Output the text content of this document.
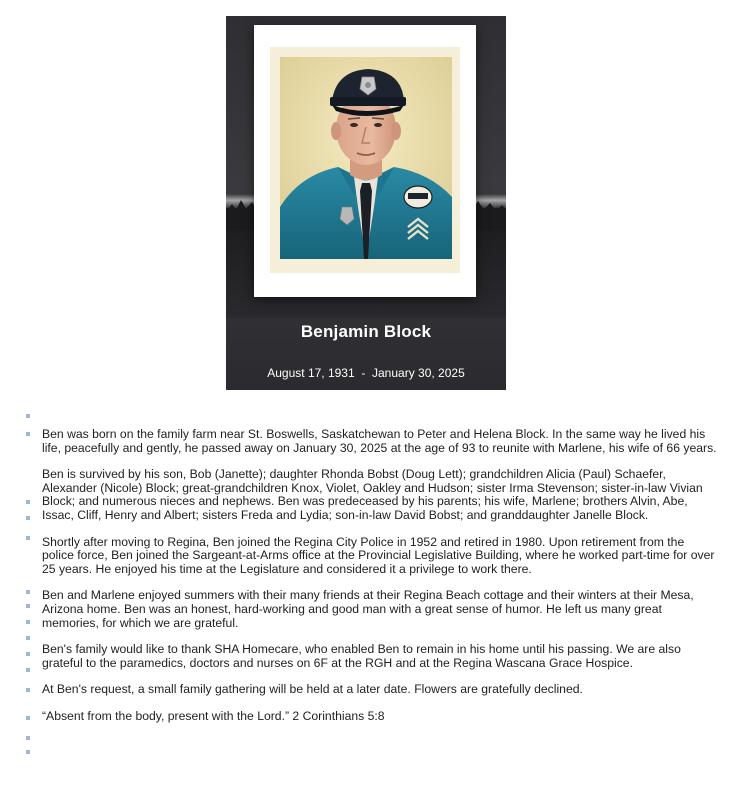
Benjamin Block
August 17, 1931 - January 30, 2025

Ben was born on the family farm near St. Boswells, Saskatchewan to Peter and Helena Block. In the same way he lived his life, peacefully and gently, he passed away on January 30, 2025 at the age of 93 to reunite with Marlene, his wife of 66 years.

Ben is survived by his son, Bob (Janette); daughter Rhonda Bobst (Doug Lett); grandchildren Alicia (Paul) Schaefer, Alexander (Nicole) Block; great-grandchildren Knox, Violet, Oakley and Hudson; sister Irma Stevenson; sister-in-law Vivian Block; and numerous nieces and nephews. Ben was predeceased by his parents; his wife, Marlene; brothers Alvin, Abe, Issac, Cliff, Henry and Albert; sisters Freda and Lydia; son-in-law David Bobst; and granddaughter Janelle Block.

Shortly after moving to Regina, Ben joined the Regina City Police in 1952 and retired in 1980. Upon retirement from the police force, Ben joined the Sargeant-at-Arms office at the Provincial Legislative Building, where he worked part-time for over 25 years. He enjoyed his time at the Legislature and considered it a privilege to work there.

Ben and Marlene enjoyed summers with their many friends at their Regina Beach cottage and their winters at their Mesa, Arizona home. Ben was an honest, hard-working and good man with a great sense of humor. He left us many great memories, for which we are grateful.

Ben's family would like to thank SHA Homecare, who enabled Ben to remain in his home until his passing. We are also grateful to the paramedics, doctors and nurses on 6F at the RGH and at the Regina Wascana Grace Hospice.

At Ben's request, a small family gathering will be held at a later date. Flowers are gratefully declined.

“Absent from the body, present with the Lord.” 2 Corinthians 5:8
